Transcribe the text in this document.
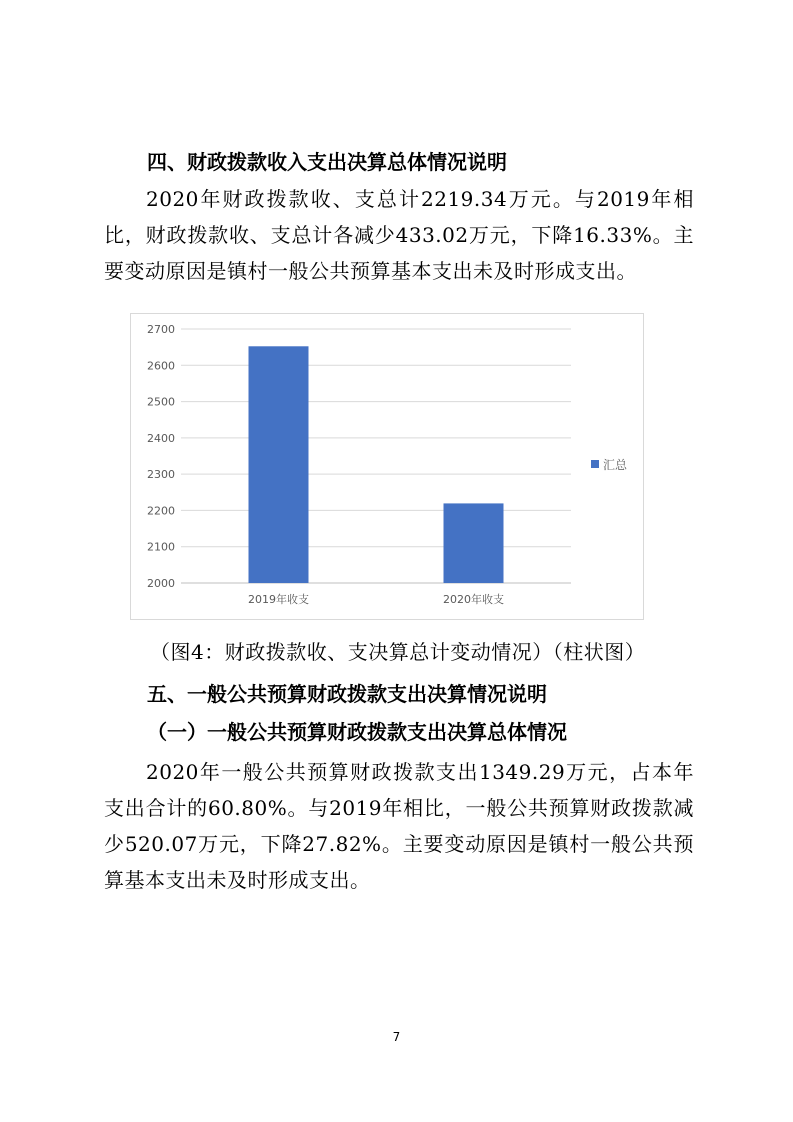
四、财政拨款收入支出决算总体情况说明

2020年财政拨款收、支总计2219.34万元。与2019年相比，财政拨款收、支总计各减少433.02万元，下降16.33%。主要变动原因是镇村一般公共预算基本支出未及时形成支出。

2000
2100
2200
2300
2400
2500
2600
2700
2019年收支	2020年收支
汇总
（图4：财政拨款收、支决算总计变动情况）（柱状图）
五、一般公共预算财政拨款支出决算情况说明
（一）一般公共预算财政拨款支出决算总体情况

2020年一般公共预算财政拨款支出1349.29万元，占本年支出合计的60.80%。与2019年相比，一般公共预算财政拨款减少520.07万元，下降27.82%。主要变动原因是镇村一般公共预算基本支出未及时形成支出。

7
